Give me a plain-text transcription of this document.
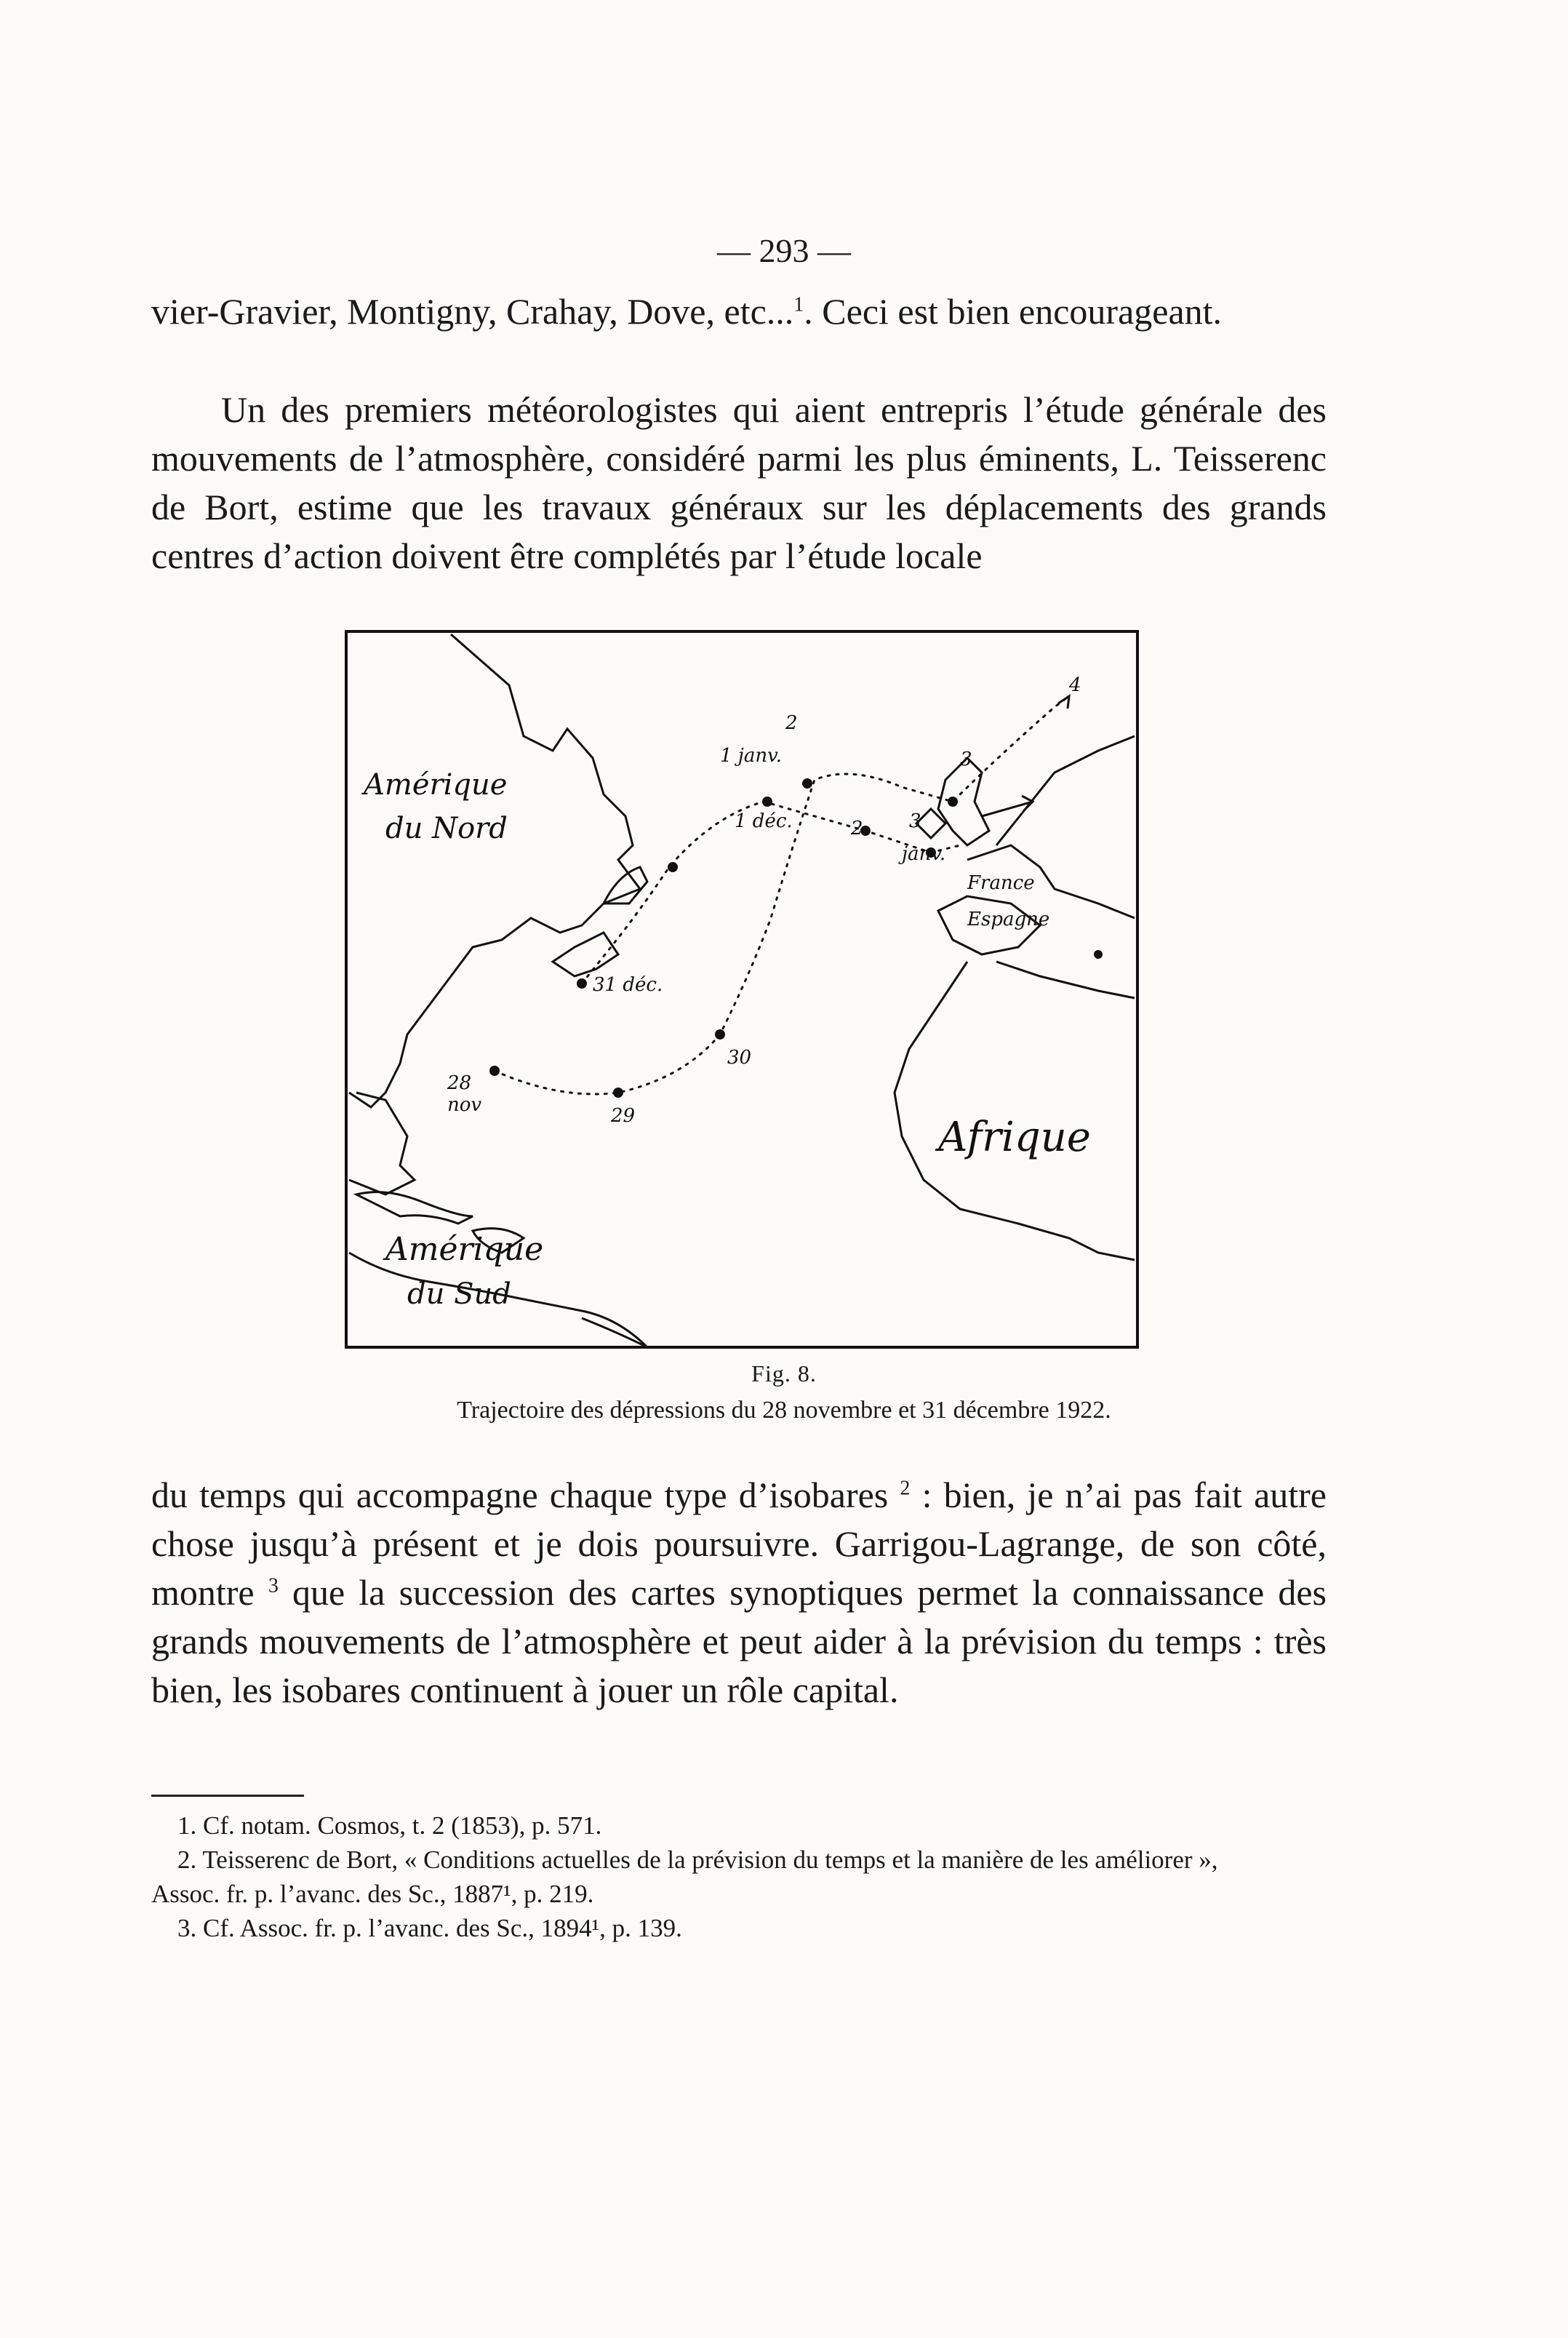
— 293 —

vier-Gravier, Montigny, Crahay, Dove, etc...$^1$. Ceci est bien encourageant.

Un des premiers météorologistes qui aient entrepris l’étude générale des mouvements de l’atmosphère, considéré parmi les plus éminents, L. Teisserenc de Bort, estime que les travaux généraux sur les déplacements des grands centres d’action doivent être complétés par l’étude locale

Amérique
du Nord
Amérique
du Sud
Afrique
France
Espagne
28
nov	29
30
31 déc.
1 déc.
1 janv.
2
2
3
3
janv.
4
Fig. 8.
Trajectoire des dépressions du 28 novembre et 31 décembre 1922.

du temps qui accompagne chaque type d’isobares $^2$ : bien, je n’ai pas fait autre chose jusqu’à présent et je dois poursuivre. Garrigou-Lagrange, de son côté, montre $^3$ que la succession des cartes synoptiques permet la connaissance des grands mouvements de l’atmosphère et peut aider à la prévision du temps : très bien, les isobares continuent à jouer un rôle capital.

1. Cf. notam. Cosmos, t. 2 (1853), p. 571.

2. Teisserenc de Bort, « Conditions actuelles de la prévision du temps et la manière de les améliorer »,

Assoc. fr. p. l’avanc. des Sc., 1887¹, p. 219.

3. Cf. Assoc. fr. p. l’avanc. des Sc., 1894¹, p. 139.
